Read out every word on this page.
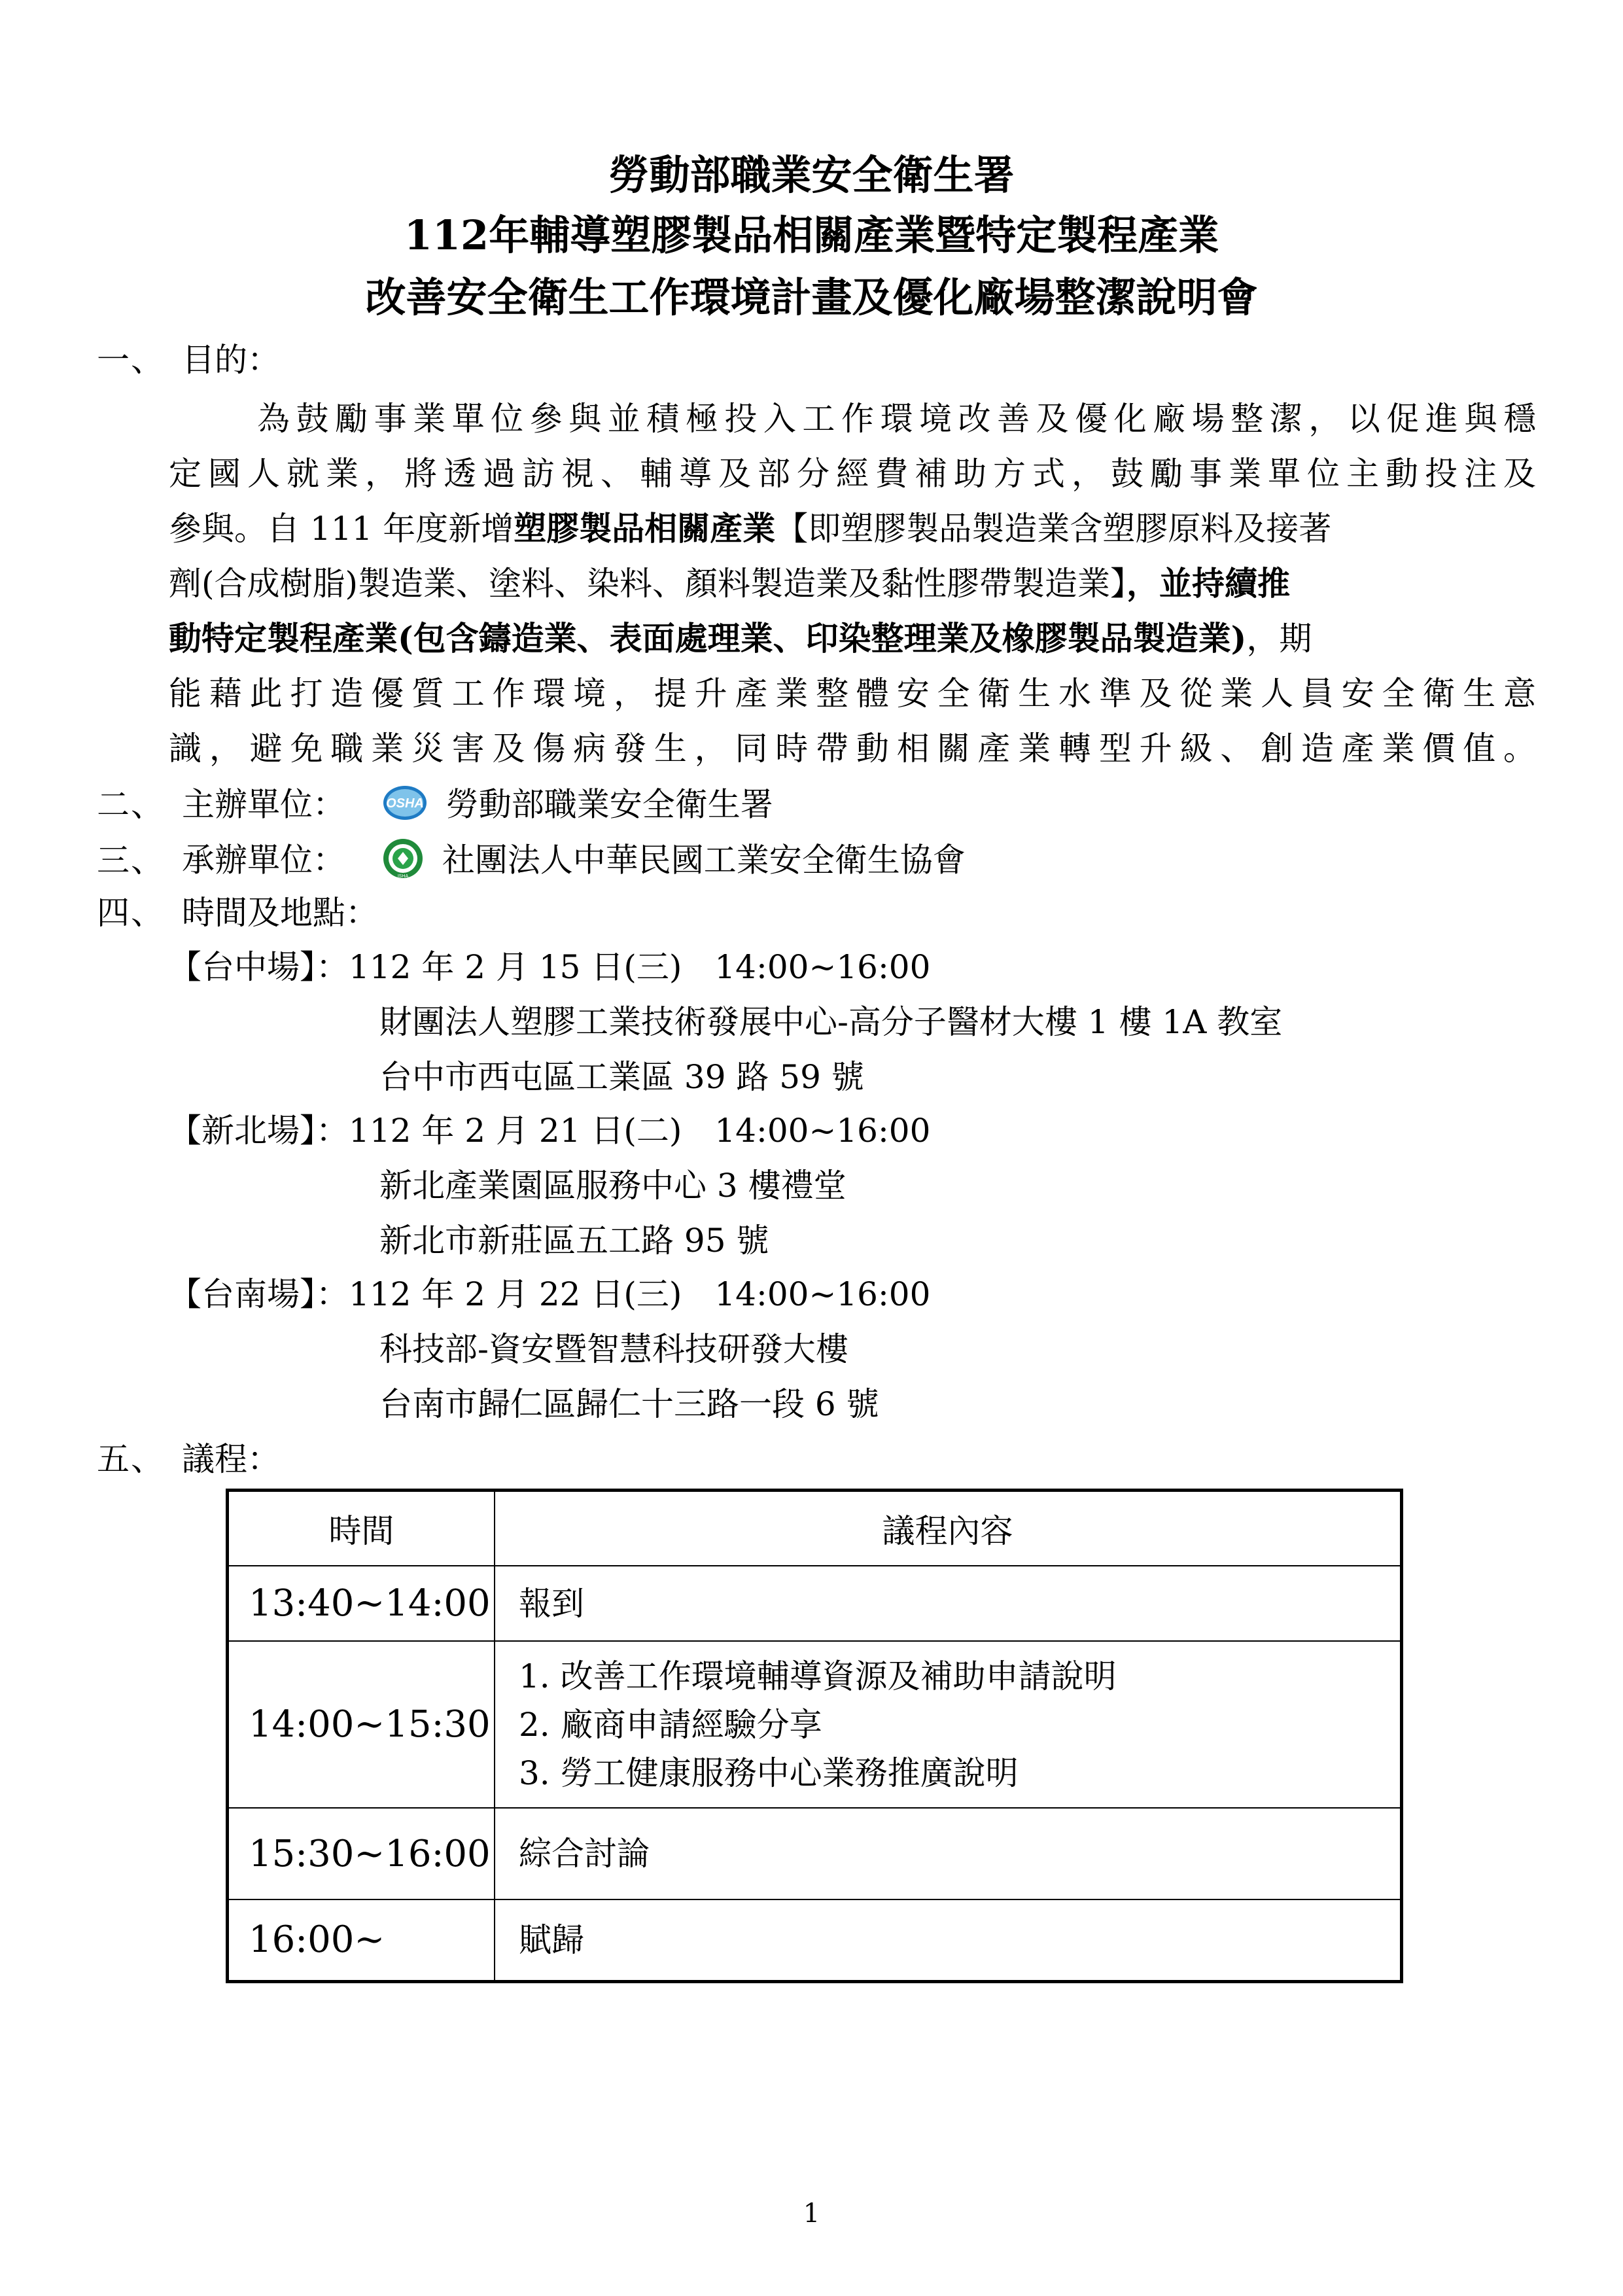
勞動部職業安全衛生署
112年輔導塑膠製品相關產業暨特定製程產業
改善安全衛生工作環境計畫及優化廠場整潔說明會
一、 目的：
為鼓勵事業單位參與並積極投入工作環境改善及優化廠場整潔，以促進與穩
定國人就業，將透過訪視、輔導及部分經費補助方式，鼓勵事業單位主動投注及
參與。自 111 年度新增塑膠製品相關產業【即塑膠製品製造業含塑膠原料及接著
劑(合成樹脂)製造業、塗料、染料、顏料製造業及黏性膠帶製造業】，並持續推
動特定製程產業(包含鑄造業、表面處理業、印染整理業及橡膠製品製造業)，期
能藉此打造優質工作環境，提升產業整體安全衛生水準及從業人員安全衛生意
識，避免職業災害及傷病發生，同時帶動相關產業轉型升級、創造產業價值。
二、 主辦單位：	OSHA 勞動部職業安全衛生署
三、 承辦單位：	ISHA 社團法人中華民國工業安全衛生協會
四、 時間及地點：
【台中場】：112 年 2 月 15 日(三)　14:00~16:00
財團法人塑膠工業技術發展中心-高分子醫材大樓 1 樓 1A 教室
台中市西屯區工業區 39 路 59 號
【新北場】：112 年 2 月 21 日(二)　14:00~16:00
新北產業園區服務中心 3 樓禮堂
新北市新莊區五工路 95 號
【台南場】：112 年 2 月 22 日(三)　14:00~16:00
科技部-資安暨智慧科技研發大樓
台南市歸仁區歸仁十三路一段 6 號
五、 議程：
時間	議程內容
13:40~14:00	報到
14:00~15:30	1. 改善工作環境輔導資源及補助申請說明
2. 廠商申請經驗分享
3. 勞工健康服務中心業務推廣說明

15:30~16:00	綜合討論
16:00~	賦歸
1
